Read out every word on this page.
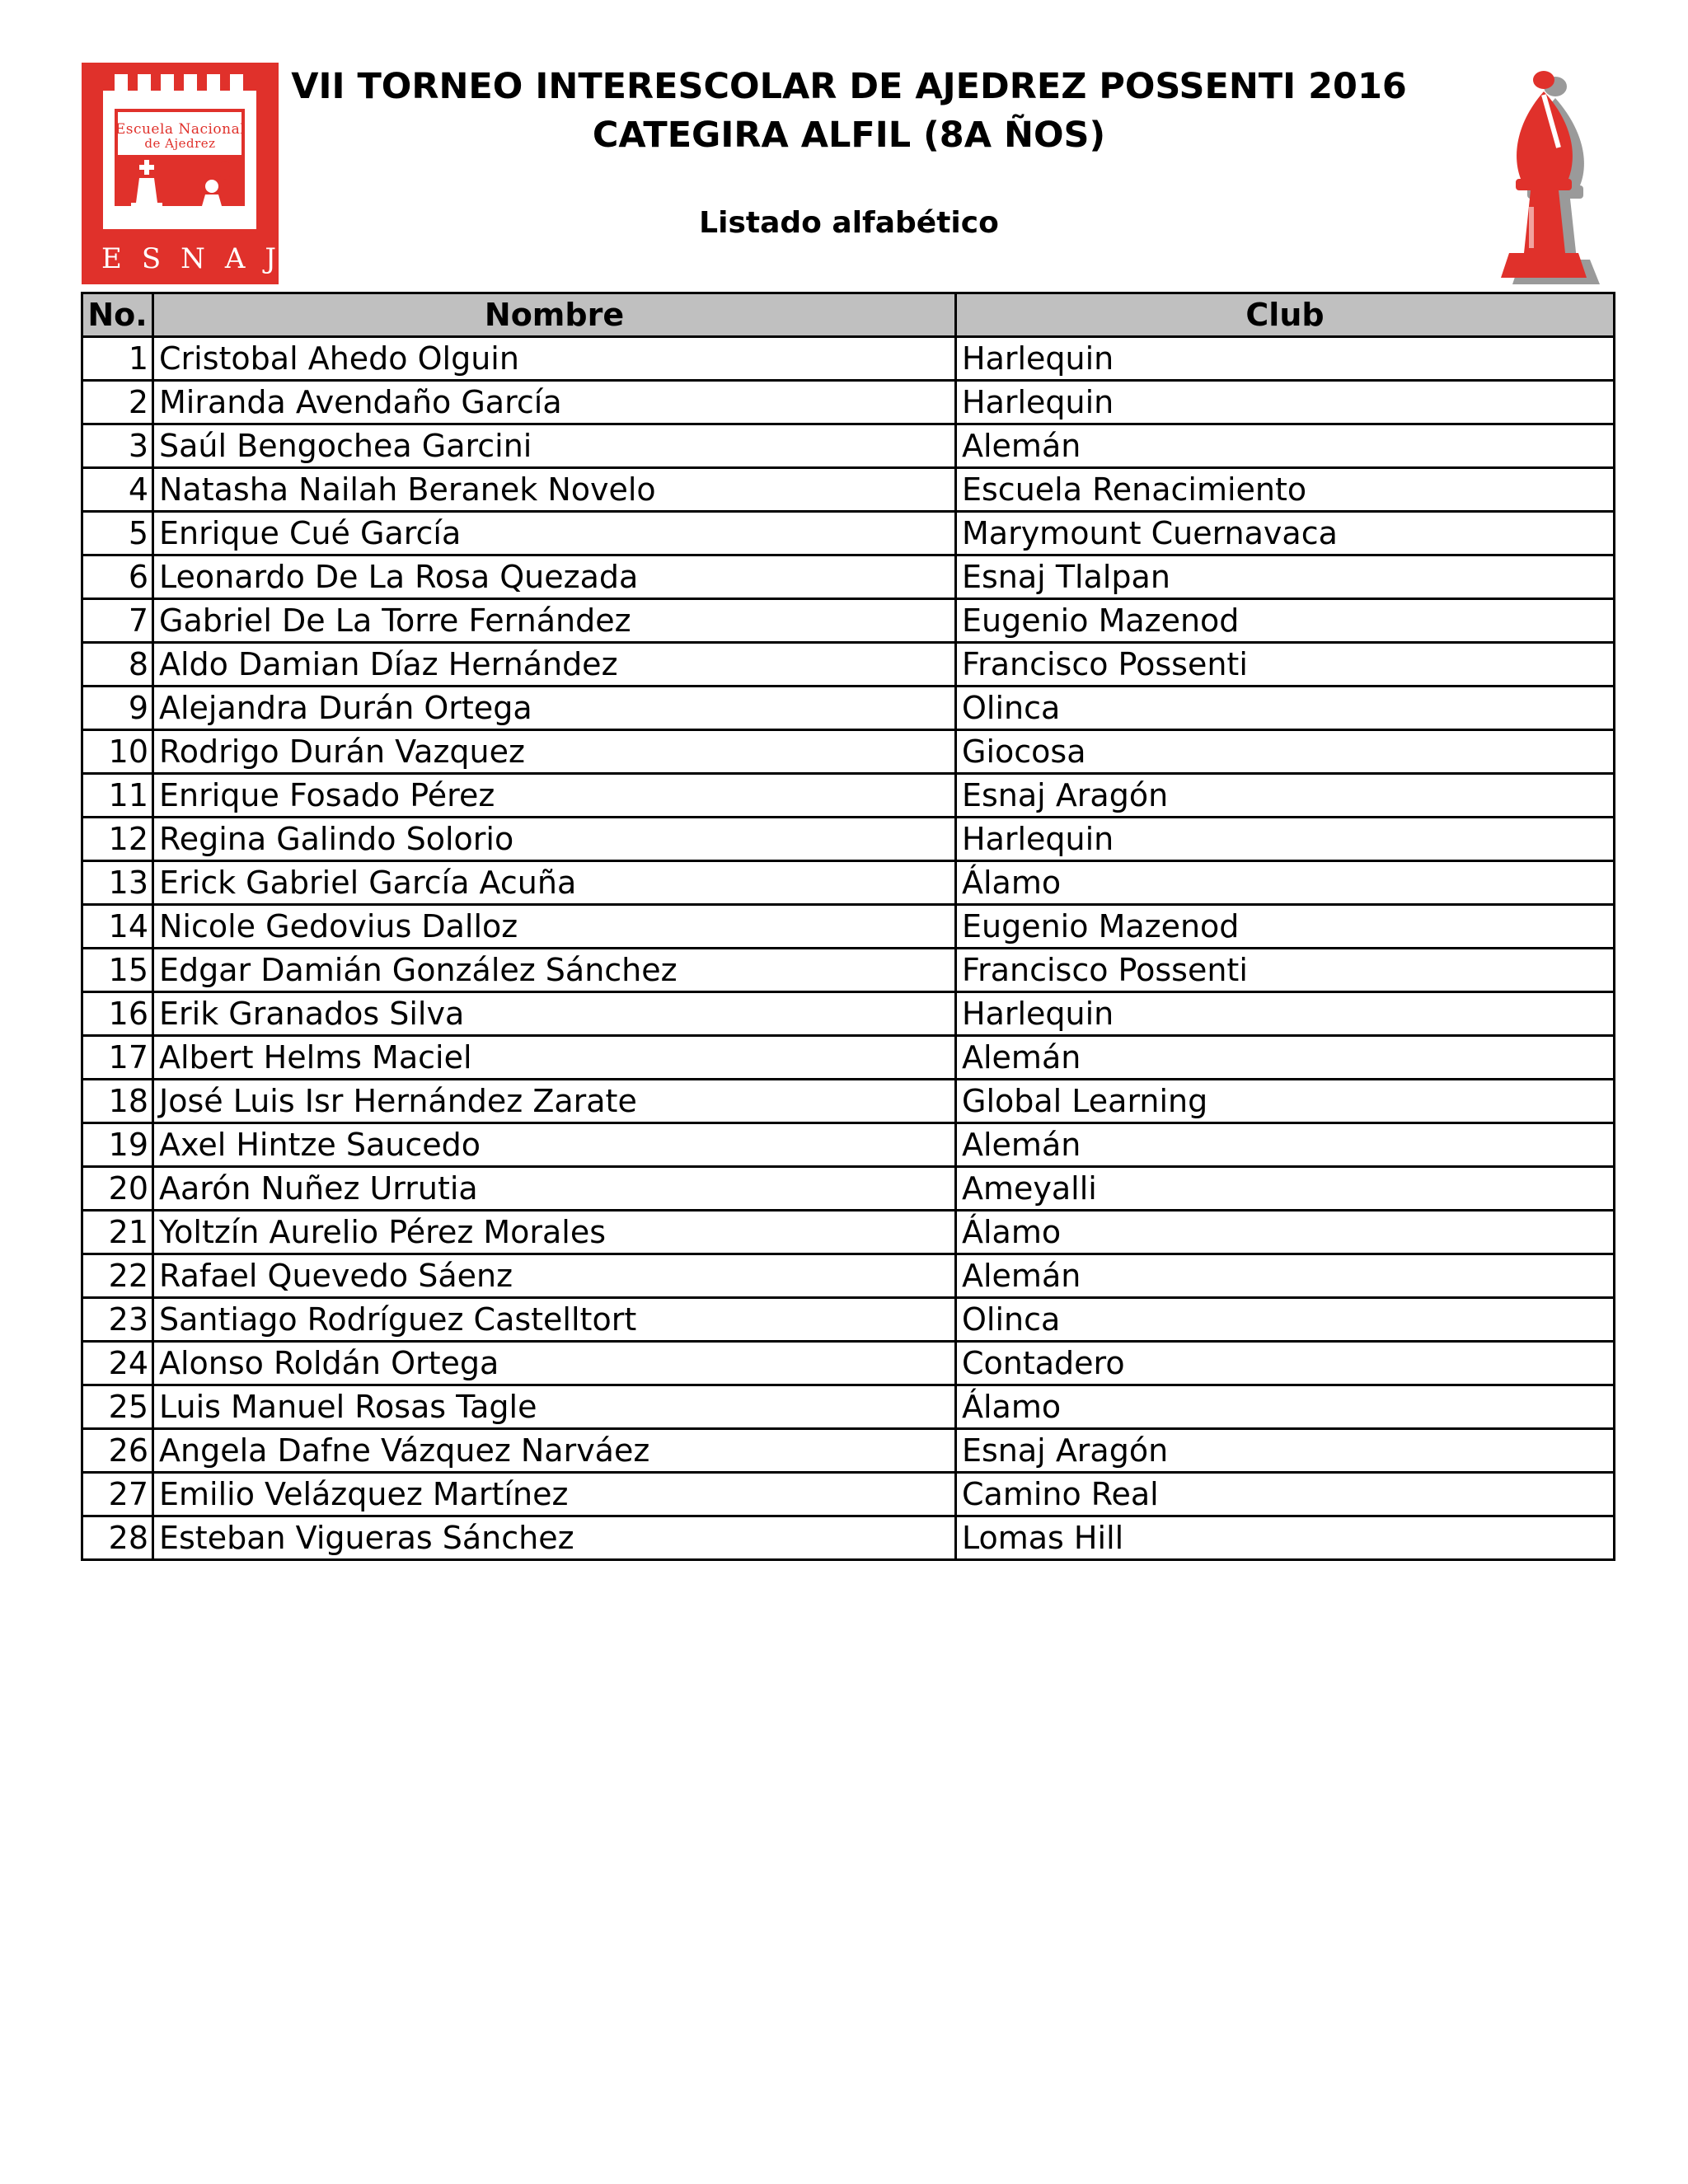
Escuela Nacional
de Ajedrez
ESNAJ
VII TORNEO INTERESCOLAR DE AJEDREZ POSSENTI 2016
CATEGIRA ALFIL (8A ÑOS)
Listado alfabético
No.	Nombre	Club
1	Cristobal Ahedo Olguin	Harlequin
2	Miranda Avendaño García	Harlequin
3	Saúl Bengochea Garcini	Alemán
4	Natasha Nailah Beranek Novelo	Escuela Renacimiento
5	Enrique Cué García	Marymount Cuernavaca
6	Leonardo De La Rosa Quezada	Esnaj Tlalpan
7	Gabriel De La Torre Fernández	Eugenio Mazenod
8	Aldo Damian Díaz Hernández	Francisco Possenti
9	Alejandra Durán Ortega	Olinca
10	Rodrigo Durán Vazquez	Giocosa
11	Enrique Fosado Pérez	Esnaj Aragón
12	Regina Galindo Solorio	Harlequin
13	Erick Gabriel García Acuña	Álamo
14	Nicole Gedovius Dalloz	Eugenio Mazenod
15	Edgar Damián González Sánchez	Francisco Possenti
16	Erik Granados Silva	Harlequin
17	Albert Helms Maciel	Alemán
18	José Luis Isr Hernández Zarate	Global Learning
19	Axel Hintze Saucedo	Alemán
20	Aarón Nuñez Urrutia	Ameyalli
21	Yoltzín Aurelio Pérez Morales	Álamo
22	Rafael Quevedo Sáenz	Alemán
23	Santiago Rodríguez Castelltort	Olinca
24	Alonso Roldán Ortega	Contadero
25	Luis Manuel Rosas Tagle	Álamo
26	Angela Dafne Vázquez Narváez	Esnaj Aragón
27	Emilio Velázquez Martínez	Camino Real
28	Esteban Vigueras Sánchez	Lomas Hill
